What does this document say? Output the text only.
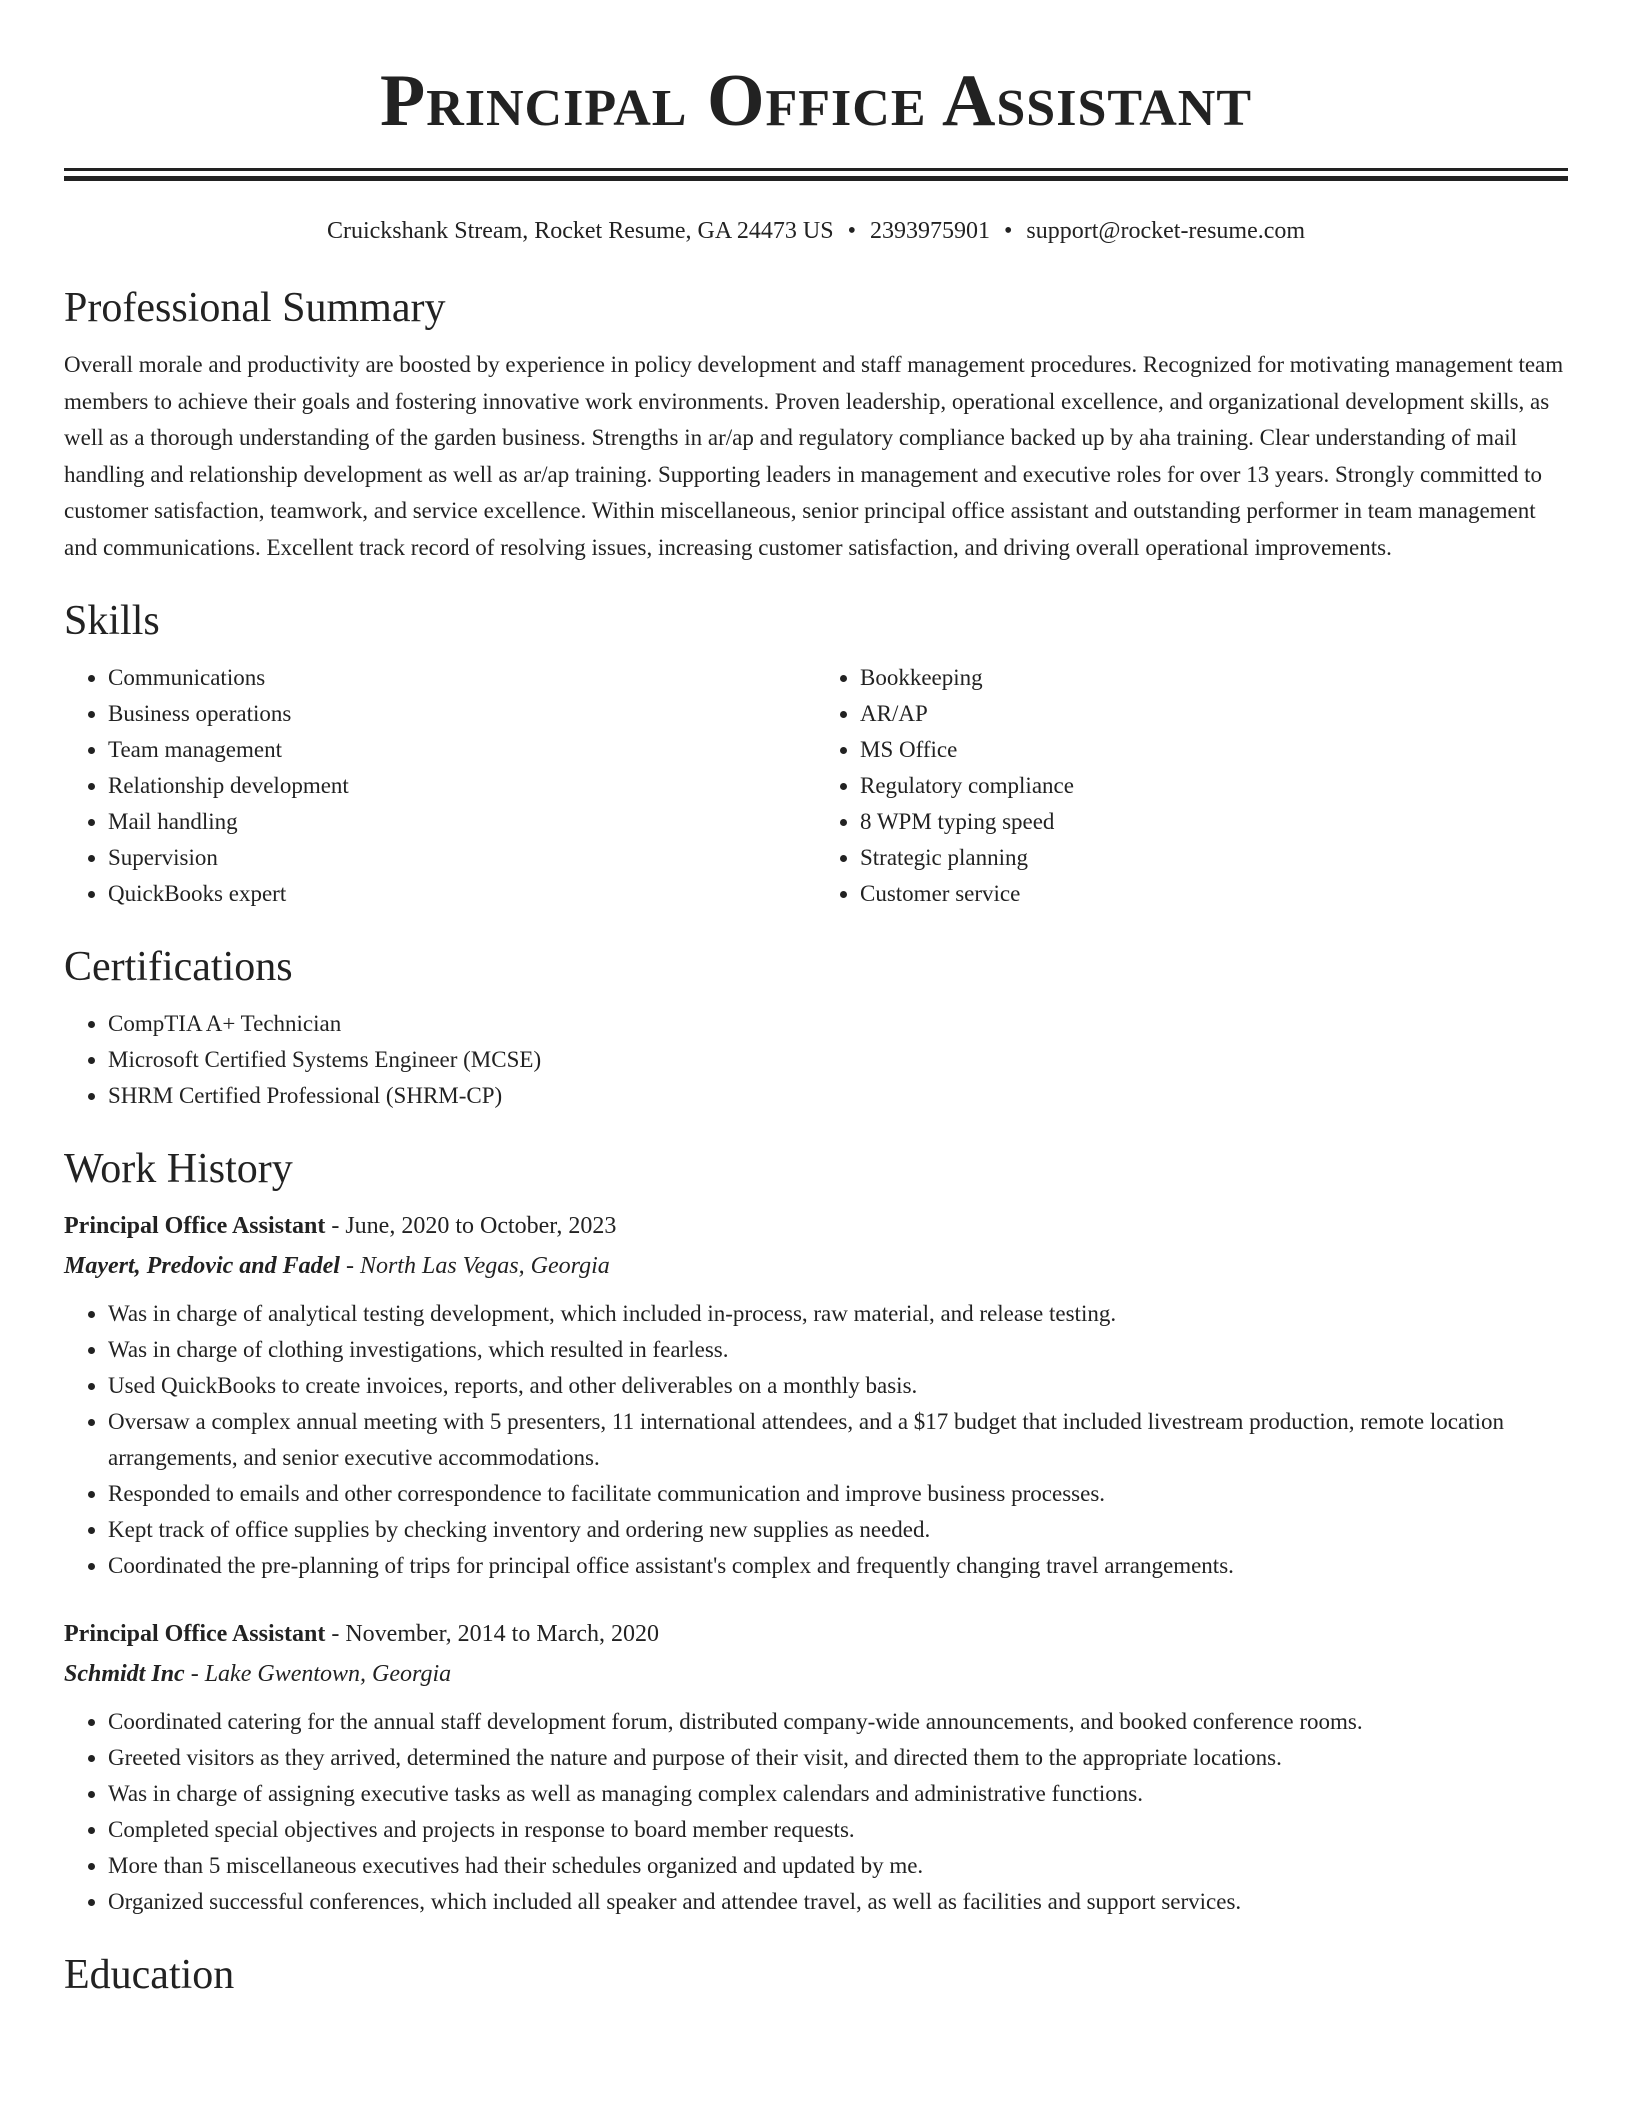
Principal Office Assistant
Cruickshank Stream, Rocket Resume, GA 24473 US • 2393975901 • support@rocket-resume.com
Professional Summary

Overall morale and productivity are boosted by experience in policy development and staff management procedures. Recognized for motivating management team members to achieve their goals and fostering innovative work environments. Proven leadership, operational excellence, and organizational development skills, as well as a thorough understanding of the garden business. Strengths in ar/ap and regulatory compliance backed up by aha training. Clear understanding of mail handling and relationship development as well as ar/ap training. Supporting leaders in management and executive roles for over 13 years. Strongly committed to customer satisfaction, teamwork, and service excellence. Within miscellaneous, senior principal office assistant and outstanding performer in team management and communications. Excellent track record of resolving issues, increasing customer satisfaction, and driving overall operational improvements.

Skills
• Communications
• Business operations
• Team management
• Relationship development
• Mail handling
• Supervision
• QuickBooks expert
• Bookkeeping
• AR/AP
• MS Office
• Regulatory compliance
• 8 WPM typing speed
• Strategic planning
• Customer service
Certifications
• CompTIA A+ Technician
• Microsoft Certified Systems Engineer (MCSE)
• SHRM Certified Professional (SHRM-CP)
Work History
Principal Office Assistant - June, 2020 to October, 2023
Mayert, Predovic and Fadel - North Las Vegas, Georgia
• Was in charge of analytical testing development, which included in-process, raw material, and release testing.
• Was in charge of clothing investigations, which resulted in fearless.
• Used QuickBooks to create invoices, reports, and other deliverables on a monthly basis.
• Oversaw a complex annual meeting with 5 presenters, 11 international attendees, and a $17 budget that included livestream production, remote location arrangements, and senior executive accommodations.
• Responded to emails and other correspondence to facilitate communication and improve business processes.
• Kept track of office supplies by checking inventory and ordering new supplies as needed.
• Coordinated the pre-planning of trips for principal office assistant's complex and frequently changing travel arrangements.
Principal Office Assistant - November, 2014 to March, 2020
Schmidt Inc - Lake Gwentown, Georgia
• Coordinated catering for the annual staff development forum, distributed company-wide announcements, and booked conference rooms.
• Greeted visitors as they arrived, determined the nature and purpose of their visit, and directed them to the appropriate locations.
• Was in charge of assigning executive tasks as well as managing complex calendars and administrative functions.
• Completed special objectives and projects in response to board member requests.
• More than 5 miscellaneous executives had their schedules organized and updated by me.
• Organized successful conferences, which included all speaker and attendee travel, as well as facilities and support services.
Education
